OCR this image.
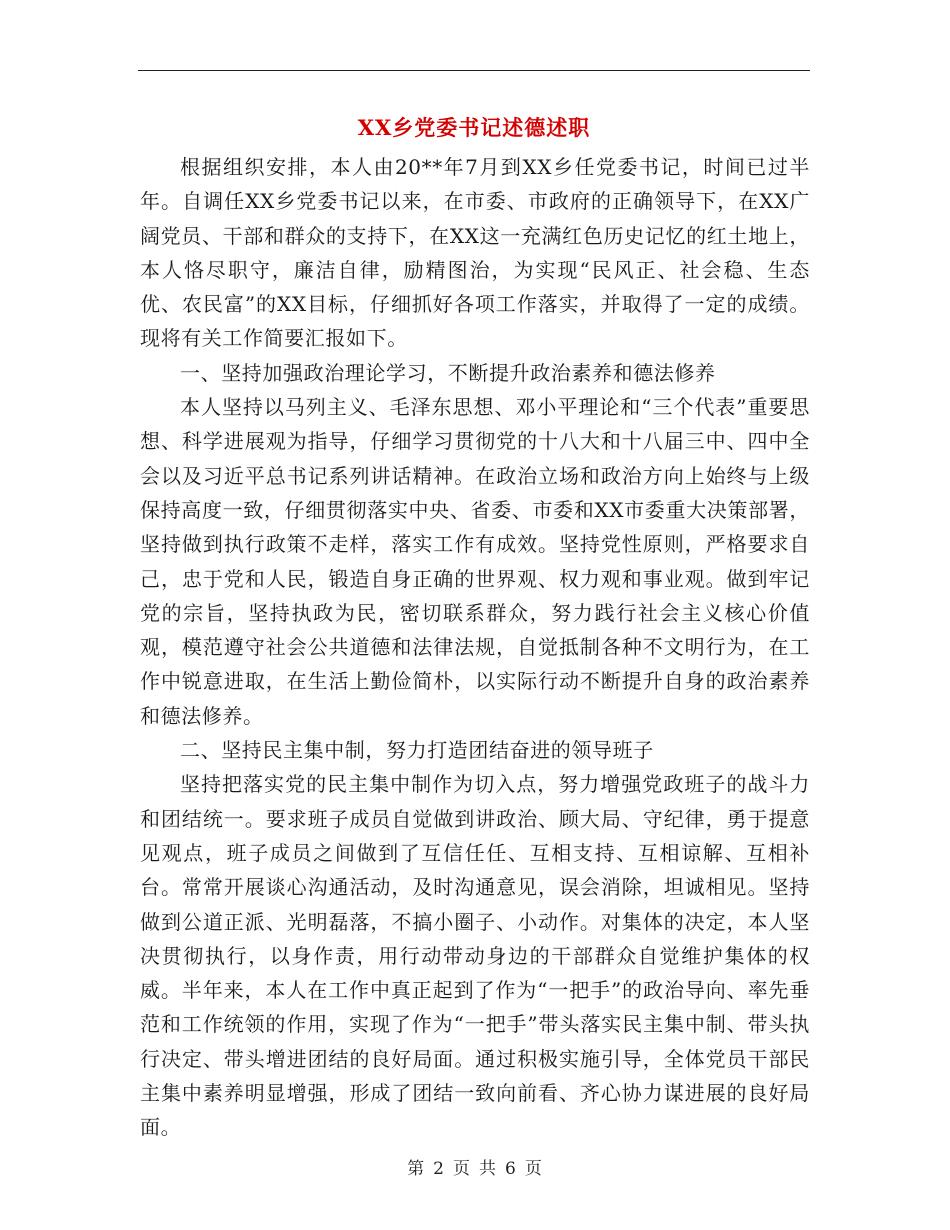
XX乡党委书记述德述职

根据组织安排，本人由20**年7月到XX乡任党委书记，时间已过半年。自调任XX乡党委书记以来，在市委、市政府的正确领导下，在XX广阔党员、干部和群众的支持下，在XX这一充满红色历史记忆的红土地上，本人恪尽职守，廉洁自律，励精图治，为实现“民风正、社会稳、生态优、农民富”的XX目标，仔细抓好各项工作落实，并取得了一定的成绩。现将有关工作简要汇报如下。

一、坚持加强政治理论学习，不断提升政治素养和德法修养

本人坚持以马列主义、毛泽东思想、邓小平理论和“三个代表”重要思想、科学进展观为指导，仔细学习贯彻党的十八大和十八届三中、四中全会以及习近平总书记系列讲话精神。在政治立场和政治方向上始终与上级保持高度一致，仔细贯彻落实中央、省委、市委和XX市委重大决策部署，坚持做到执行政策不走样，落实工作有成效。坚持党性原则，严格要求自己，忠于党和人民，锻造自身正确的世界观、权力观和事业观。做到牢记党的宗旨，坚持执政为民，密切联系群众，努力践行社会主义核心价值观，模范遵守社会公共道德和法律法规，自觉抵制各种不文明行为，在工作中锐意进取，在生活上勤俭简朴，以实际行动不断提升自身的政治素养和德法修养。

二、坚持民主集中制，努力打造团结奋进的领导班子

坚持把落实党的民主集中制作为切入点，努力增强党政班子的战斗力和团结统一。要求班子成员自觉做到讲政治、顾大局、守纪律，勇于提意见观点，班子成员之间做到了互信任任、互相支持、互相谅解、互相补台。常常开展谈心沟通活动，及时沟通意见，误会消除，坦诚相见。坚持做到公道正派、光明磊落，不搞小圈子、小动作。对集体的决定，本人坚决贯彻执行，以身作责，用行动带动身边的干部群众自觉维护集体的权威。半年来，本人在工作中真正起到了作为“一把手”的政治导向、率先垂范和工作统领的作用，实现了作为“一把手”带头落实民主集中制、带头执行决定、带头增进团结的良好局面。通过积极实施引导，全体党员干部民主集中素养明显增强，形成了团结一致向前看、齐心协力谋进展的良好局面。

第 2 页 共 6 页
